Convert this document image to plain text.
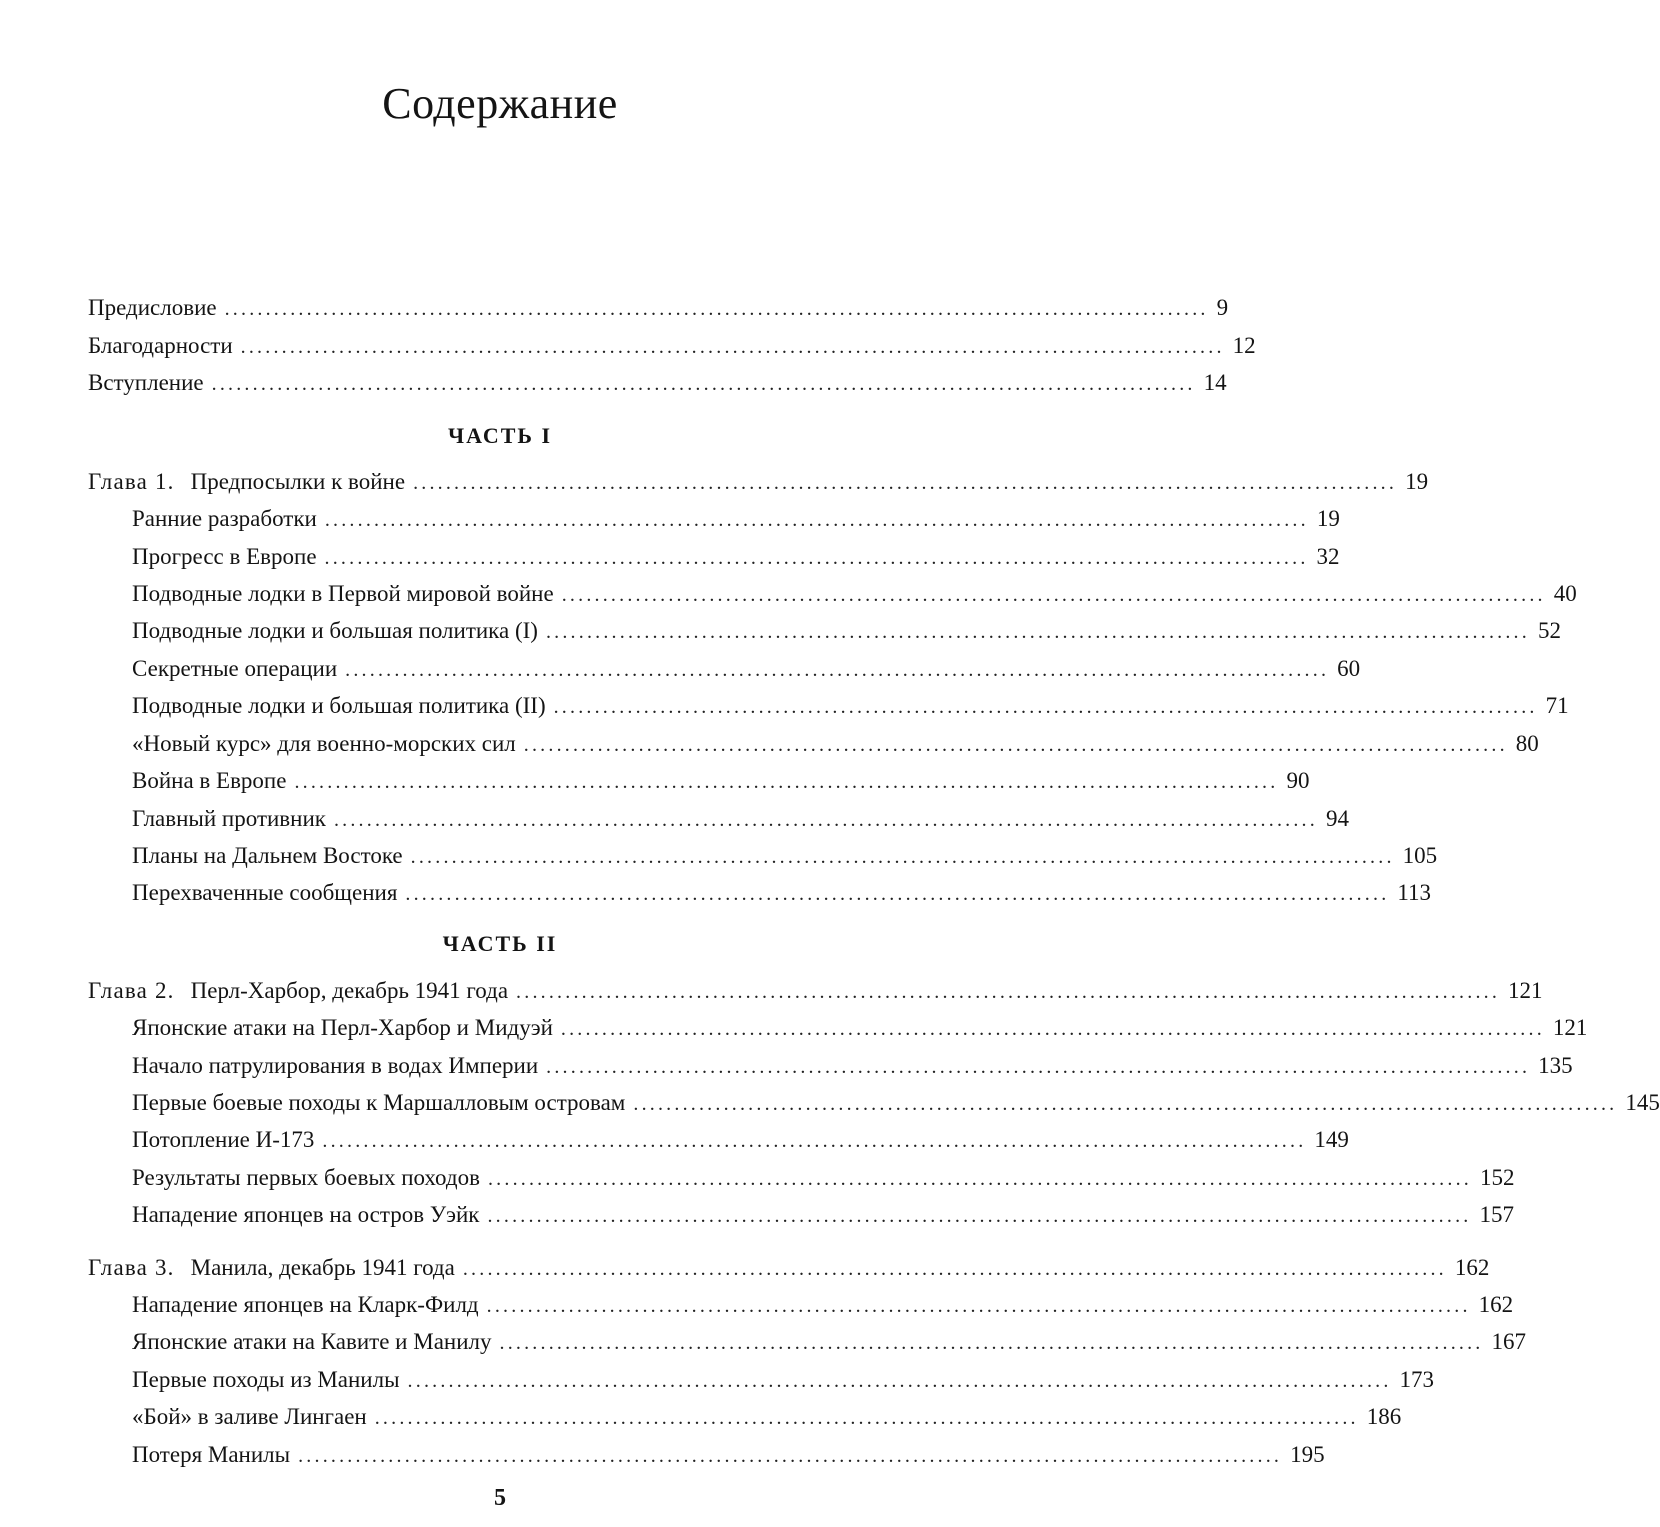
Содержание
Предисловие ........................................................................................................................ 9
Благодарности ........................................................................................................................ 12
Вступление ........................................................................................................................ 14
ЧАСТЬ I
Глава 1. Предпосылки к войне ........................................................................................................................ 19
Ранние разработки ........................................................................................................................ 19
Прогресс в Европе ........................................................................................................................ 32
Подводные лодки в Первой мировой войне ........................................................................................................................ 40
Подводные лодки и большая политика (I) ........................................................................................................................ 52
Секретные операции ........................................................................................................................ 60
Подводные лодки и большая политика (II) ........................................................................................................................ 71
«Новый курс» для военно-морских сил ........................................................................................................................ 80
Война в Европе ........................................................................................................................ 90
Главный противник ........................................................................................................................ 94
Планы на Дальнем Востоке ........................................................................................................................ 105
Перехваченные сообщения ........................................................................................................................ 113
ЧАСТЬ II
Глава 2. Перл-Харбор, декабрь 1941 года ........................................................................................................................ 121
Японские атаки на Перл-Харбор и Мидуэй ........................................................................................................................ 121
Начало патрулирования в водах Империи ........................................................................................................................ 135
Первые боевые походы к Маршалловым островам ........................................................................................................................ 145
Потопление И-173 ........................................................................................................................ 149
Результаты первых боевых походов ........................................................................................................................ 152
Нападение японцев на остров Уэйк ........................................................................................................................ 157
Глава 3. Манила, декабрь 1941 года ........................................................................................................................ 162
Нападение японцев на Кларк-Филд ........................................................................................................................ 162
Японские атаки на Кавите и Манилу ........................................................................................................................ 167
Первые походы из Манилы ........................................................................................................................ 173
«Бой» в заливе Лингаен ........................................................................................................................ 186
Потеря Манилы ........................................................................................................................ 195
5
